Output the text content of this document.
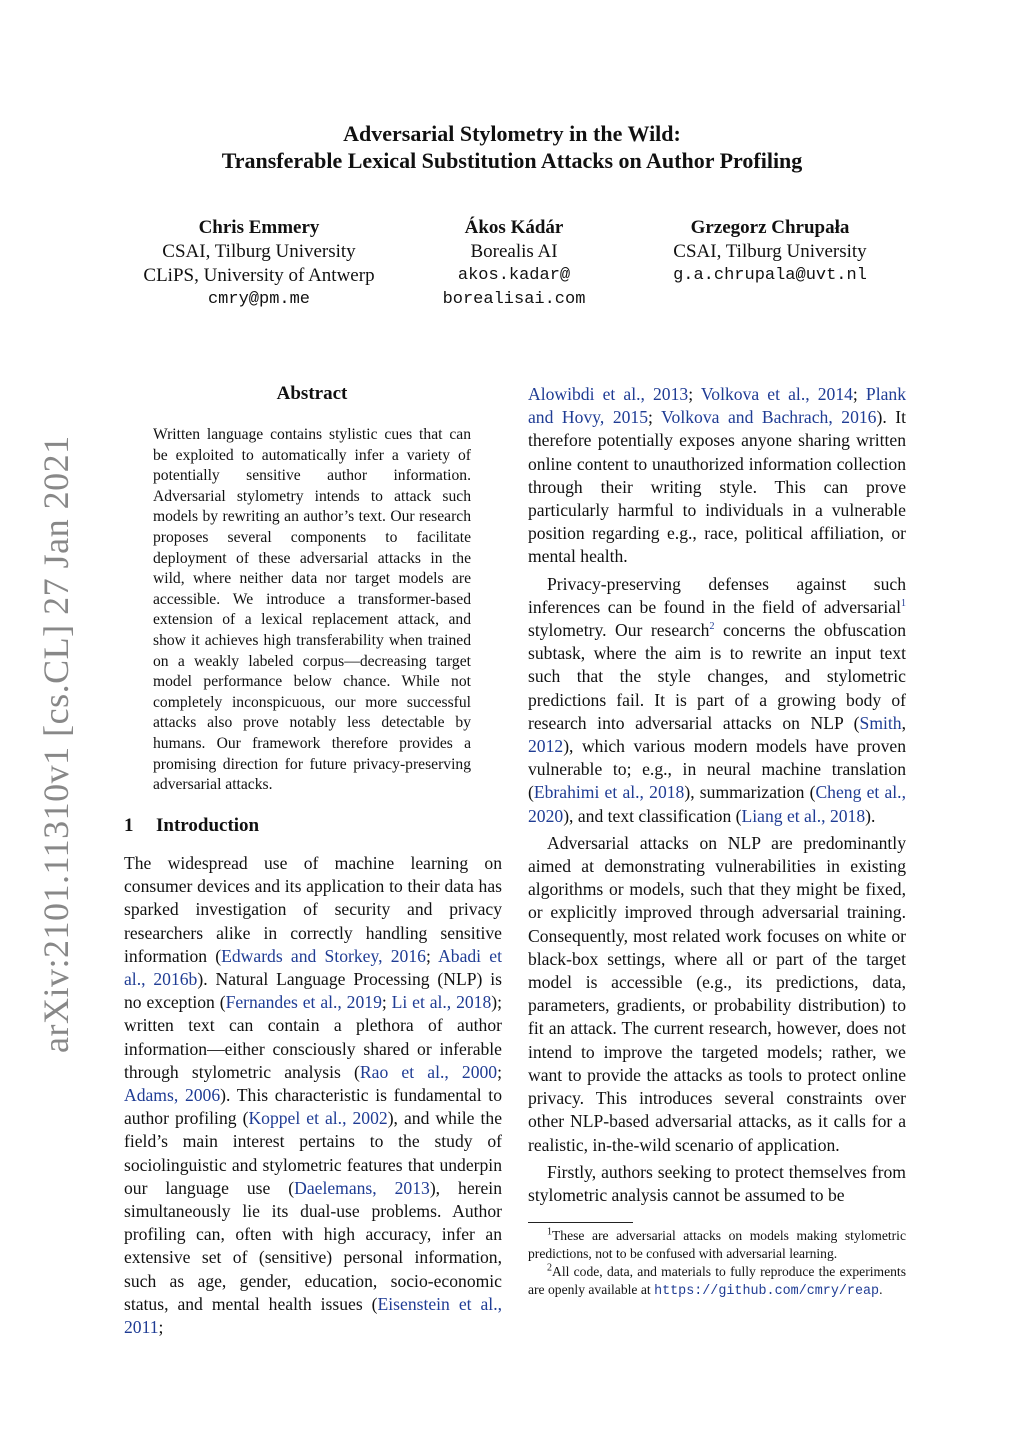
arXiv:2101.11310v1 [cs.CL] 27 Jan 2021
Adversarial Stylometry in the Wild:
Transferable Lexical Substitution Attacks on Author Profiling
Chris Emmery
CSAI, Tilburg University
CLiPS, University of Antwerp
cmry@pm.me
Ákos Kádár
Borealis AI
akos.kadar@
borealisai.com
Grzegorz Chrupała
CSAI, Tilburg University
g.a.chrupala@uvt.nl
Abstract
Written language contains stylistic cues that can be exploited to automatically infer a variety of potentially sensitive author information. Adversarial stylometry intends to attack such models by rewriting an author’s text. Our research proposes several components to facilitate deployment of these adversarial attacks in the wild, where neither data nor target models are accessible. We introduce a transformer-based extension of a lexical replacement attack, and show it achieves high transferability when trained on a weakly labeled corpus—decreasing target model performance below chance. While not completely inconspicuous, our more successful attacks also prove notably less detectable by humans. Our framework therefore provides a promising direction for future privacy-preserving adversarial attacks.
1 Introduction

The widespread use of machine learning on consumer devices and its application to their data has sparked investigation of security and privacy researchers alike in correctly handling sensitive information (Edwards and Storkey, 2016; Abadi et al., 2016b). Natural Language Processing (NLP) is no exception (Fernandes et al., 2019; Li et al., 2018); written text can contain a plethora of author information—either consciously shared or inferable through stylometric analysis (Rao et al., 2000; Adams, 2006). This characteristic is fundamental to author profiling (Koppel et al., 2002), and while the field’s main interest pertains to the study of sociolinguistic and stylometric features that underpin our language use (Daelemans, 2013), herein simultaneously lie its dual-use problems. Author profiling can, often with high accuracy, infer an extensive set of (sensitive) personal information, such as age, gender, education, socio-economic status, and mental health issues (Eisenstein et al., 2011;

Alowibdi et al., 2013; Volkova et al., 2014; Plank and Hovy, 2015; Volkova and Bachrach, 2016). It therefore potentially exposes anyone sharing written online content to unauthorized information collection through their writing style. This can prove particularly harmful to individuals in a vulnerable position regarding e.g., race, political affiliation, or mental health.

Privacy-preserving defenses against such inferences can be found in the field of adversarial$^1$ stylometry. Our research$^2$ concerns the obfuscation subtask, where the aim is to rewrite an input text such that the style changes, and stylometric predictions fail. It is part of a growing body of research into adversarial attacks on NLP (Smith, 2012), which various modern models have proven vulnerable to; e.g., in neural machine translation (Ebrahimi et al., 2018), summarization (Cheng et al., 2020), and text classification (Liang et al., 2018).

Adversarial attacks on NLP are predominantly aimed at demonstrating vulnerabilities in existing algorithms or models, such that they might be fixed, or explicitly improved through adversarial training. Consequently, most related work focuses on white or black-box settings, where all or part of the target model is accessible (e.g., its predictions, data, parameters, gradients, or probability distribution) to fit an attack. The current research, however, does not intend to improve the targeted models; rather, we want to provide the attacks as tools to protect online privacy. This introduces several constraints over other NLP-based adversarial attacks, as it calls for a realistic, in-the-wild scenario of application.

Firstly, authors seeking to protect themselves from stylometric analysis cannot be assumed to be

$^1$These are adversarial attacks on models making stylometric predictions, not to be confused with adversarial learning.

$^2$All code, data, and materials to fully reproduce the experiments are openly available at https://github.com/cmry/reap.
